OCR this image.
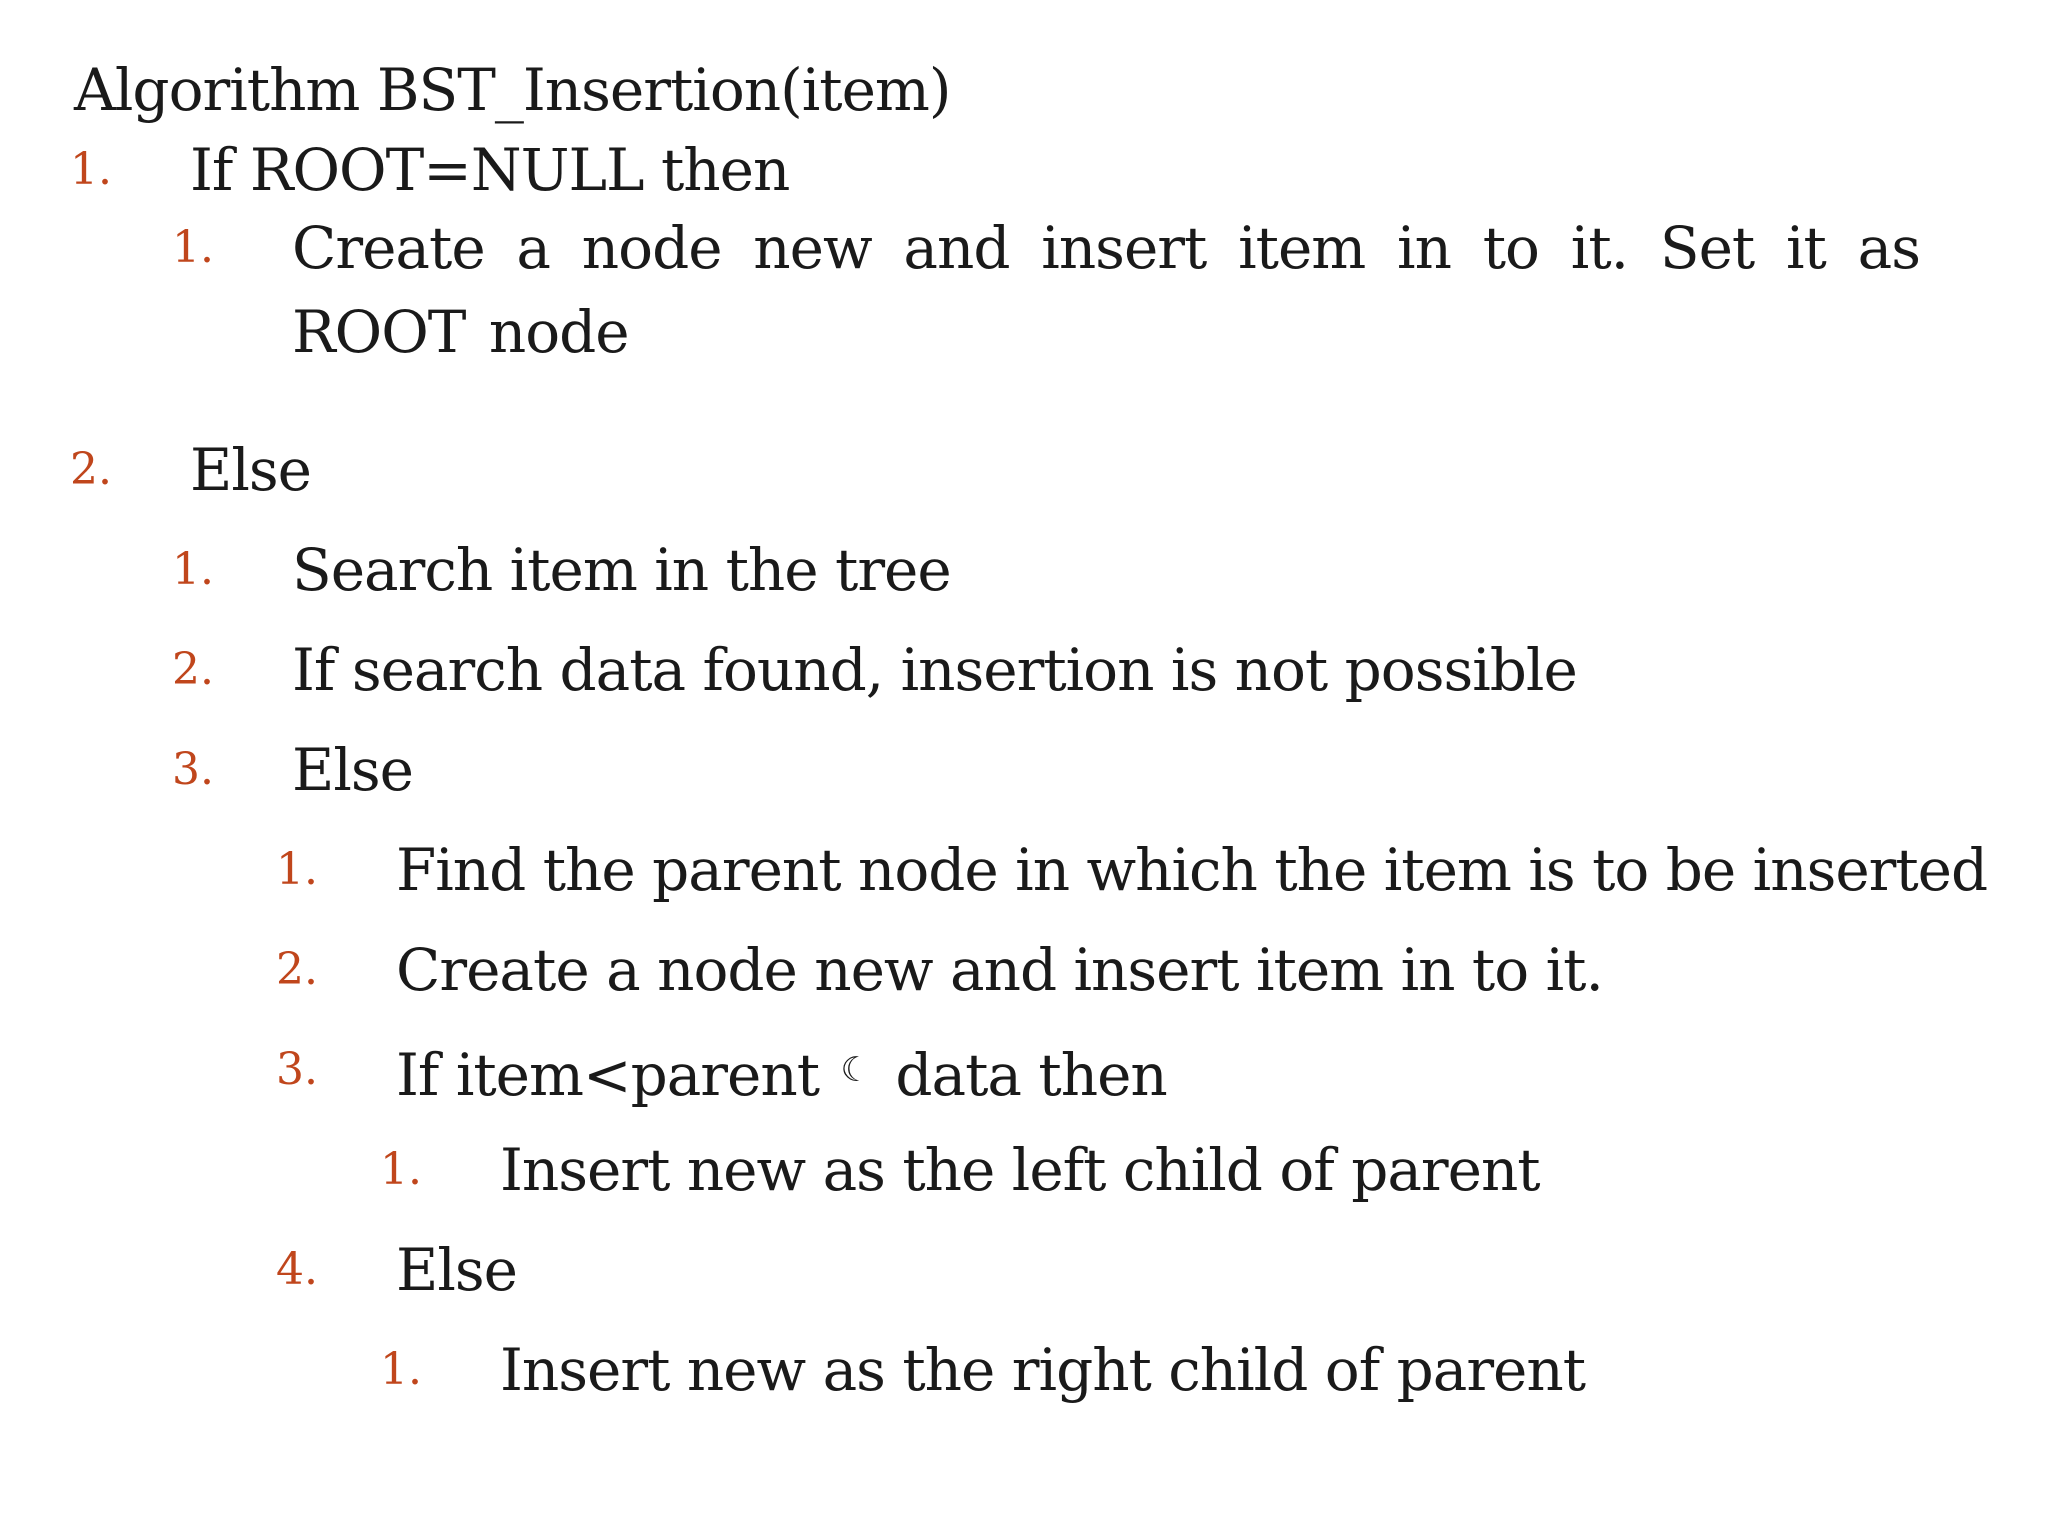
Algorithm BST_Insertion(item)
1. If ROOT=NULL then
1. Create a node new and insert item in to it. Set it as ROOT node
2. Else
1. Search item in the tree
2. If search data found, insertion is not possible
3. Else
1. Find the parent node in which the item is to be inserted
2. Create a node new and insert item in to it.
3. If item<parent ☾ data then
1. Insert new as the left child of parent
4. Else
1. Insert new as the right child of parent
